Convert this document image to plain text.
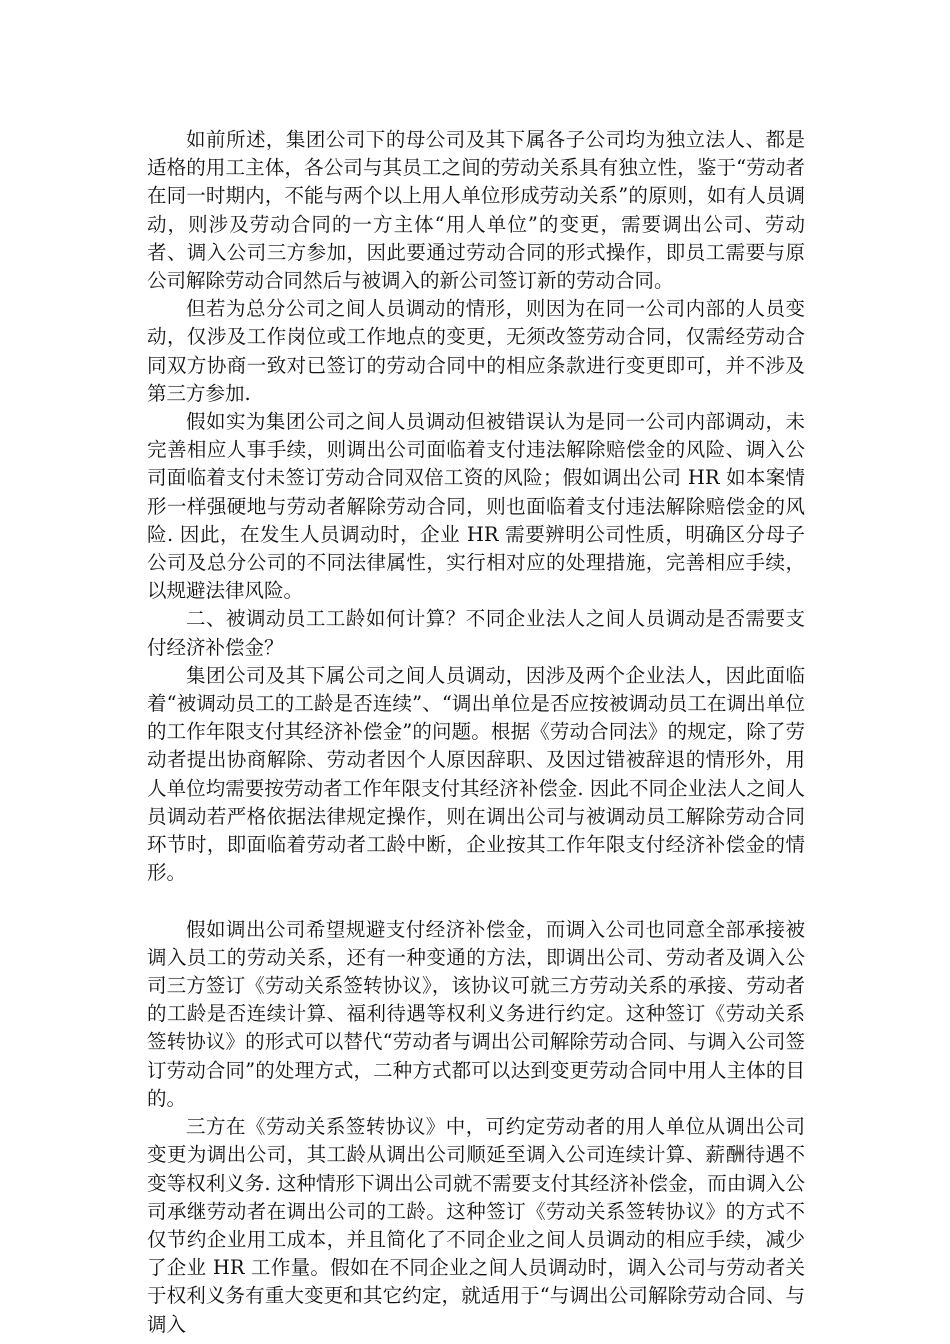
如前所述，集团公司下的母公司及其下属各子公司均为独立法人、都是适格的用工主体，各公司与其员工之间的劳动关系具有独立性，鉴于“劳动者在同一时期内，不能与两个以上用人单位形成劳动关系”的原则，如有人员调动，则涉及劳动合同的一方主体“用人单位”的变更，需要调出公司、劳动者、调入公司三方参加，因此要通过劳动合同的形式操作，即员工需要与原公司解除劳动合同然后与被调入的新公司签订新的劳动合同。

但若为总分公司之间人员调动的情形，则因为在同一公司内部的人员变动，仅涉及工作岗位或工作地点的变更，无须改签劳动合同，仅需经劳动合同双方协商一致对已签订的劳动合同中的相应条款进行变更即可，并不涉及第三方参加.

假如实为集团公司之间人员调动但被错误认为是同一公司内部调动，未完善相应人事手续，则调出公司面临着支付违法解除赔偿金的风险、调入公司面临着支付未签订劳动合同双倍工资的风险；假如调出公司 HR 如本案情形一样强硬地与劳动者解除劳动合同，则也面临着支付违法解除赔偿金的风险. 因此，在发生人员调动时，企业 HR 需要辨明公司性质，明确区分母子公司及总分公司的不同法律属性，实行相对应的处理措施，完善相应手续，以规避法律风险。

二、被调动员工工龄如何计算？不同企业法人之间人员调动是否需要支付经济补偿金？

集团公司及其下属公司之间人员调动，因涉及两个企业法人，因此面临着“被调动员工的工龄是否连续”、“调出单位是否应按被调动员工在调出单位的工作年限支付其经济补偿金”的问题。根据《劳动合同法》的规定，除了劳动者提出协商解除、劳动者因个人原因辞职、及因过错被辞退的情形外，用人单位均需要按劳动者工作年限支付其经济补偿金. 因此不同企业法人之间人员调动若严格依据法律规定操作，则在调出公司与被调动员工解除劳动合同环节时，即面临着劳动者工龄中断，企业按其工作年限支付经济补偿金的情形。

假如调出公司希望规避支付经济补偿金，而调入公司也同意全部承接被调入员工的劳动关系，还有一种变通的方法，即调出公司、劳动者及调入公司三方签订《劳动关系签转协议》，该协议可就三方劳动关系的承接、劳动者的工龄是否连续计算、福利待遇等权利义务进行约定。这种签订《劳动关系签转协议》的形式可以替代“劳动者与调出公司解除劳动合同、与调入公司签订劳动合同”的处理方式，二种方式都可以达到变更劳动合同中用人主体的目的。

三方在《劳动关系签转协议》中，可约定劳动者的用人单位从调出公司变更为调出公司，其工龄从调出公司顺延至调入公司连续计算、薪酬待遇不变等权利义务. 这种情形下调出公司就不需要支付其经济补偿金，而由调入公司承继劳动者在调出公司的工龄。这种签订《劳动关系签转协议》的方式不仅节约企业用工成本，并且简化了不同企业之间人员调动的相应手续，减少了企业 HR 工作量。假如在不同企业之间人员调动时，调入公司与劳动者关于权利义务有重大变更和其它约定，就适用于“与调出公司解除劳动合同、与调入
